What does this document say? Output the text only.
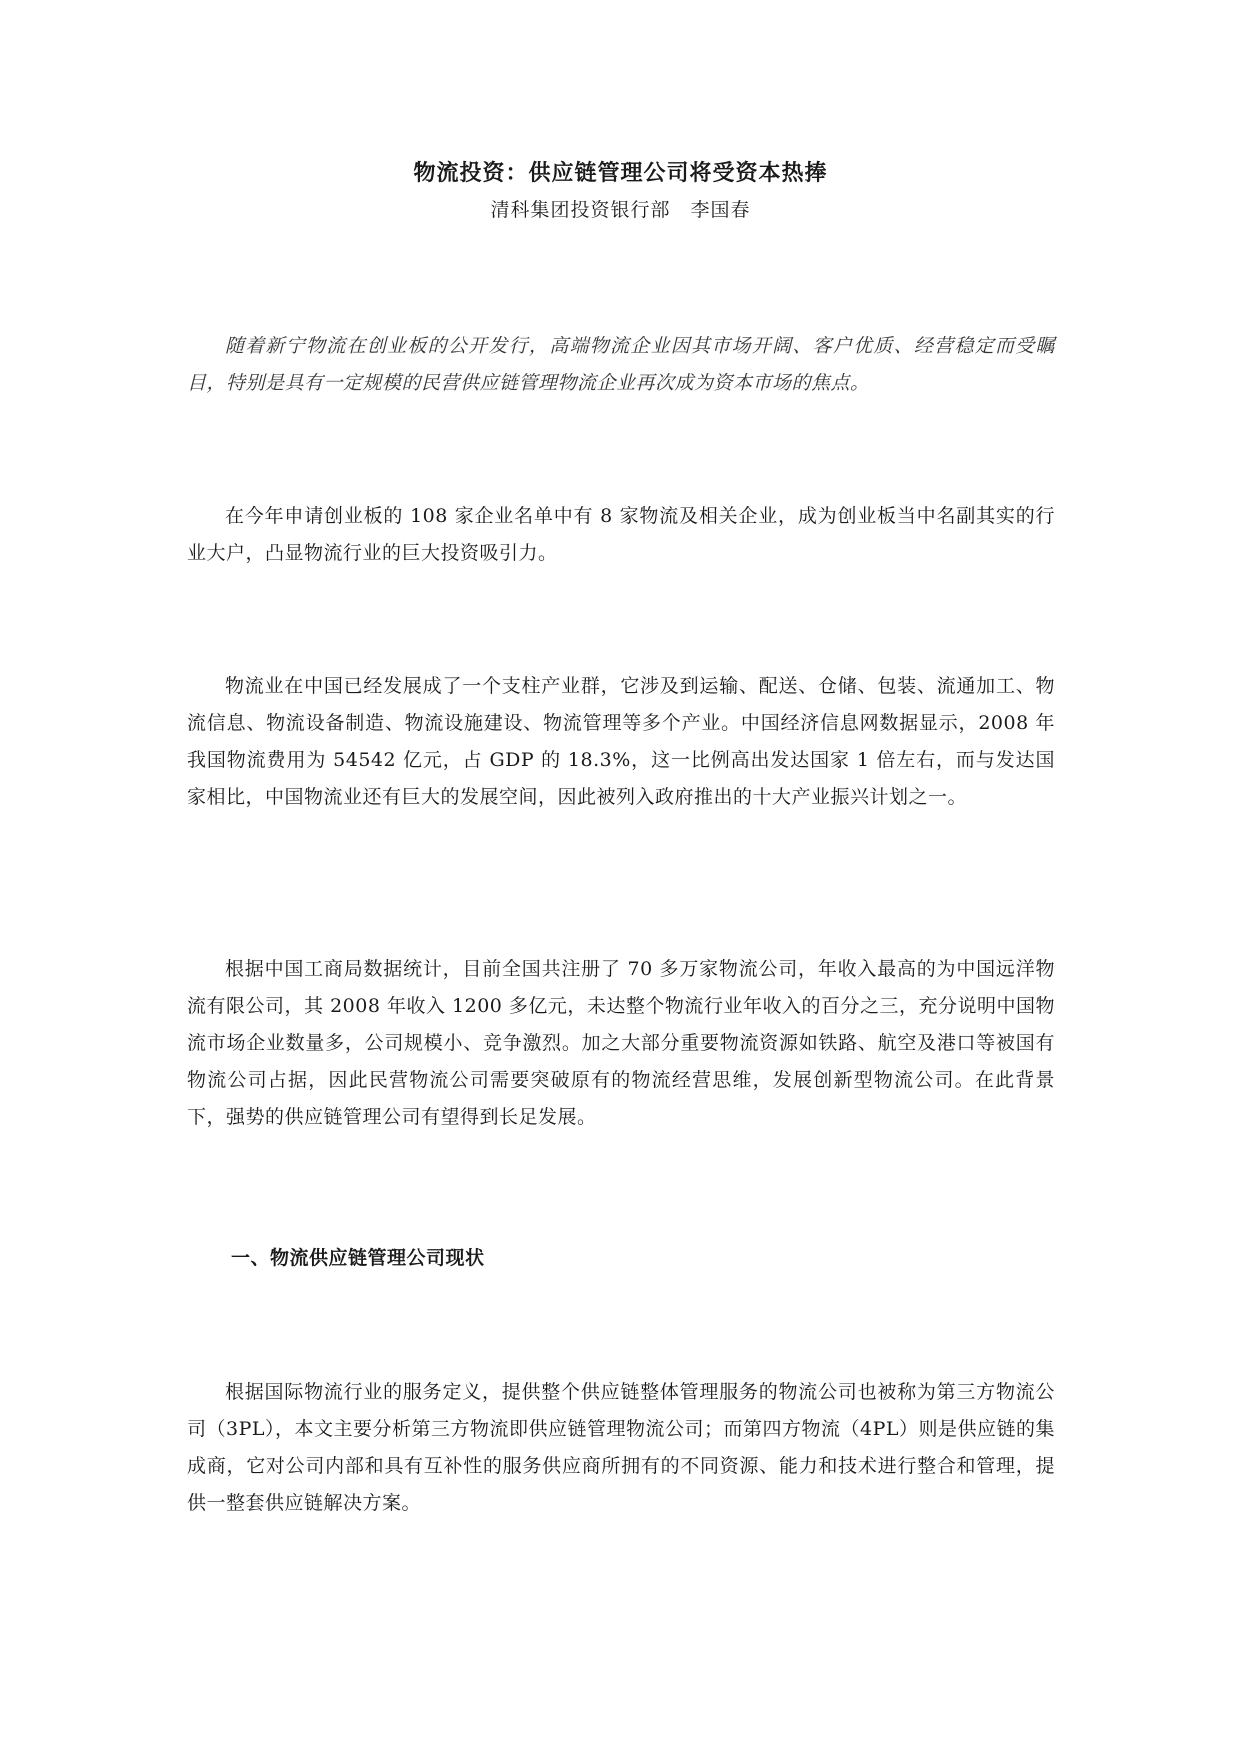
物流投资：供应链管理公司将受资本热捧
清科集团投资银行部　李国春

随着新宁物流在创业板的公开发行，高端物流企业因其市场开阔、客户优质、经营稳定而受瞩目，特别是具有一定规模的民营供应链管理物流企业再次成为资本市场的焦点。

在今年申请创业板的 108 家企业名单中有 8 家物流及相关企业，成为创业板当中名副其实的行业大户，凸显物流行业的巨大投资吸引力。

物流业在中国已经发展成了一个支柱产业群，它涉及到运输、配送、仓储、包装、流通加工、物流信息、物流设备制造、物流设施建设、物流管理等多个产业。中国经济信息网数据显示，2008 年我国物流费用为 54542 亿元，占 GDP 的 18.3%，这一比例高出发达国家 1 倍左右，而与发达国家相比，中国物流业还有巨大的发展空间，因此被列入政府推出的十大产业振兴计划之一。

根据中国工商局数据统计，目前全国共注册了 70 多万家物流公司，年收入最高的为中国远洋物流有限公司，其 2008 年收入 1200 多亿元，未达整个物流行业年收入的百分之三，充分说明中国物流市场企业数量多，公司规模小、竞争激烈。加之大部分重要物流资源如铁路、航空及港口等被国有物流公司占据，因此民营物流公司需要突破原有的物流经营思维，发展创新型物流公司。在此背景下，强势的供应链管理公司有望得到长足发展。

一、物流供应链管理公司现状

根据国际物流行业的服务定义，提供整个供应链整体管理服务的物流公司也被称为第三方物流公司（3PL），本文主要分析第三方物流即供应链管理物流公司；而第四方物流（4PL）则是供应链的集成商，它对公司内部和具有互补性的服务供应商所拥有的不同资源、能力和技术进行整合和管理，提供一整套供应链解决方案。
